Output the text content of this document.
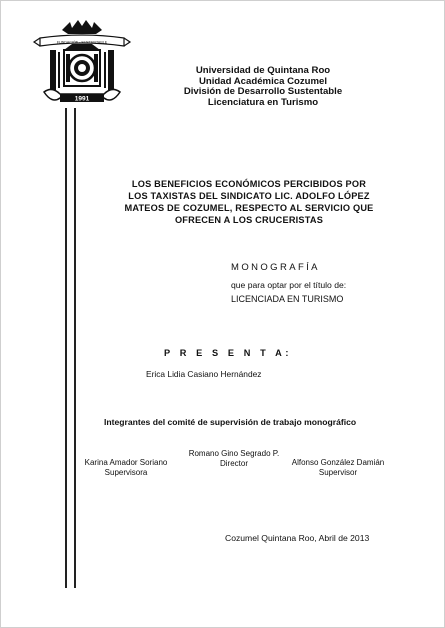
FUNDACIÓN · SUSTENTABLE
1991
Universidad de Quintana Roo
Unidad Académica Cozumel
División de Desarrollo Sustentable
Licenciatura en Turismo
LOS BENEFICIOS ECONÓMICOS PERCIBIDOS POR
LOS TAXISTAS DEL SINDICATO LIC. ADOLFO LÓPEZ
MATEOS DE COZUMEL, RESPECTO AL SERVICIO QUE
OFRECEN A LOS CRUCERISTAS
MONOGRAFÍA
que para optar por el título de:
LICENCIADA EN TURISMO
P R E S E N T A:
Erica Lidia Casiano Hernández
Integrantes del comité de supervisión de trabajo monográfico
Romano Gino Segrado P.
Director
Karina Amador Soriano
Supervisora
Alfonso González Damián
Supervisor
Cozumel Quintana Roo, Abril de 2013
